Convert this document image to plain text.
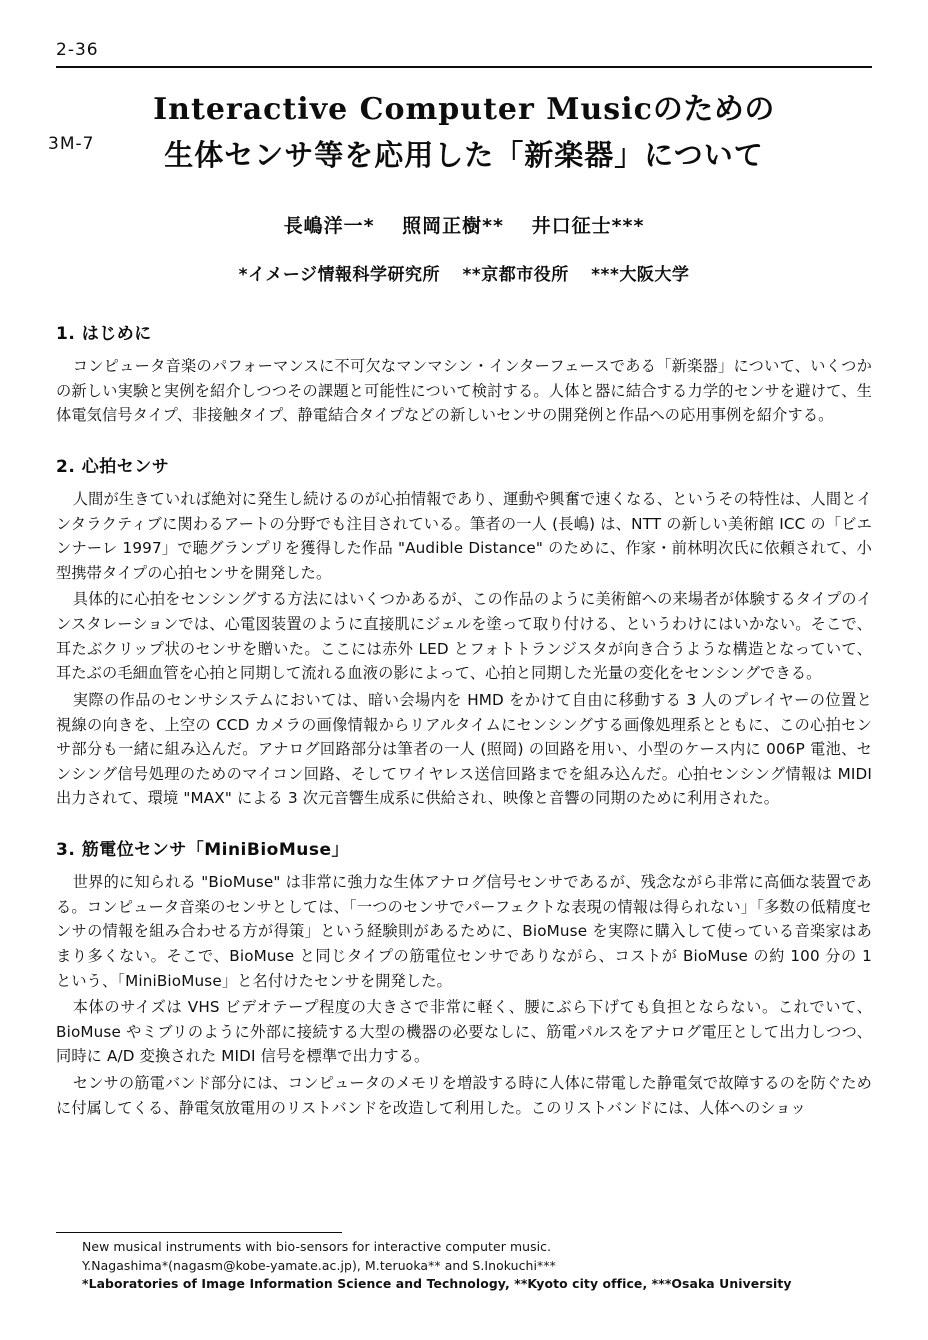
2-36
3M-7
Interactive Computer Musicのための
生体センサ等を応用した「新楽器」について
長嶋洋一* 照岡正樹** 井口征士***
*イメージ情報科学研究所 **京都市役所 ***大阪大学
1. はじめに

コンピュータ音楽のパフォーマンスに不可欠なマンマシン・インターフェースである「新楽器」について、いくつかの新しい実験と実例を紹介しつつその課題と可能性について検討する。人体と器に結合する力学的センサを避けて、生体電気信号タイプ、非接触タイプ、静電結合タイプなどの新しいセンサの開発例と作品への応用事例を紹介する。

2. 心拍センサ

人間が生きていれば絶対に発生し続けるのが心拍情報であり、運動や興奮で速くなる、というその特性は、人間とインタラクティブに関わるアートの分野でも注目されている。筆者の一人 (長嶋) は、NTT の新しい美術館 ICC の「ビエンナーレ 1997」で聴グランプリを獲得した作品 "Audible Distance" のために、作家・前林明次氏に依頼されて、小型携帯タイプの心拍センサを開発した。

具体的に心拍をセンシングする方法にはいくつかあるが、この作品のように美術館への来場者が体験するタイプのインスタレーションでは、心電図装置のように直接肌にジェルを塗って取り付ける、というわけにはいかない。そこで、耳たぶクリップ状のセンサを贈いた。ここには赤外 LED とフォトトランジスタが向き合うような構造となっていて、耳たぶの毛細血管を心拍と同期して流れる血液の影によって、心拍と同期した光量の変化をセンシングできる。

実際の作品のセンサシステムにおいては、暗い会場内を HMD をかけて自由に移動する 3 人のプレイヤーの位置と視線の向きを、上空の CCD カメラの画像情報からリアルタイムにセンシングする画像処理系とともに、この心拍センサ部分も一緒に組み込んだ。アナログ回路部分は筆者の一人 (照岡) の回路を用い、小型のケース内に 006P 電池、センシング信号処理のためのマイコン回路、そしてワイヤレス送信回路までを組み込んだ。心拍センシング情報は MIDI 出力されて、環境 "MAX" による 3 次元音響生成系に供給され、映像と音響の同期のために利用された。

3. 筋電位センサ「MiniBioMuse」

世界的に知られる "BioMuse" は非常に強力な生体アナログ信号センサであるが、残念ながら非常に高価な装置である。コンピュータ音楽のセンサとしては、「一つのセンサでパーフェクトな表現の情報は得られない」「多数の低精度センサの情報を組み合わせる方が得策」という経験則があるために、BioMuse を実際に購入して使っている音楽家はあまり多くない。そこで、BioMuse と同じタイプの筋電位センサでありながら、コストが BioMuse の約 100 分の 1 という、「MiniBioMuse」と名付けたセンサを開発した。

本体のサイズは VHS ビデオテープ程度の大きさで非常に軽く、腰にぶら下げても負担とならない。これでいて、BioMuse やミブリのように外部に接続する大型の機器の必要なしに、筋電パルスをアナログ電圧として出力しつつ、同時に A/D 変換された MIDI 信号を標準で出力する。

センサの筋電バンド部分には、コンピュータのメモリを増設する時に人体に帯電した静電気で故障するのを防ぐために付属してくる、静電気放電用のリストバンドを改造して利用した。このリストバンドには、人体へのショッ

New musical instruments with bio-sensors for interactive computer music.

Y.Nagashima*(nagasm@kobe-yamate.ac.jp), M.teruoka** and S.Inokuchi***

*Laboratories of Image Information Science and Technology, **Kyoto city office, ***Osaka University
